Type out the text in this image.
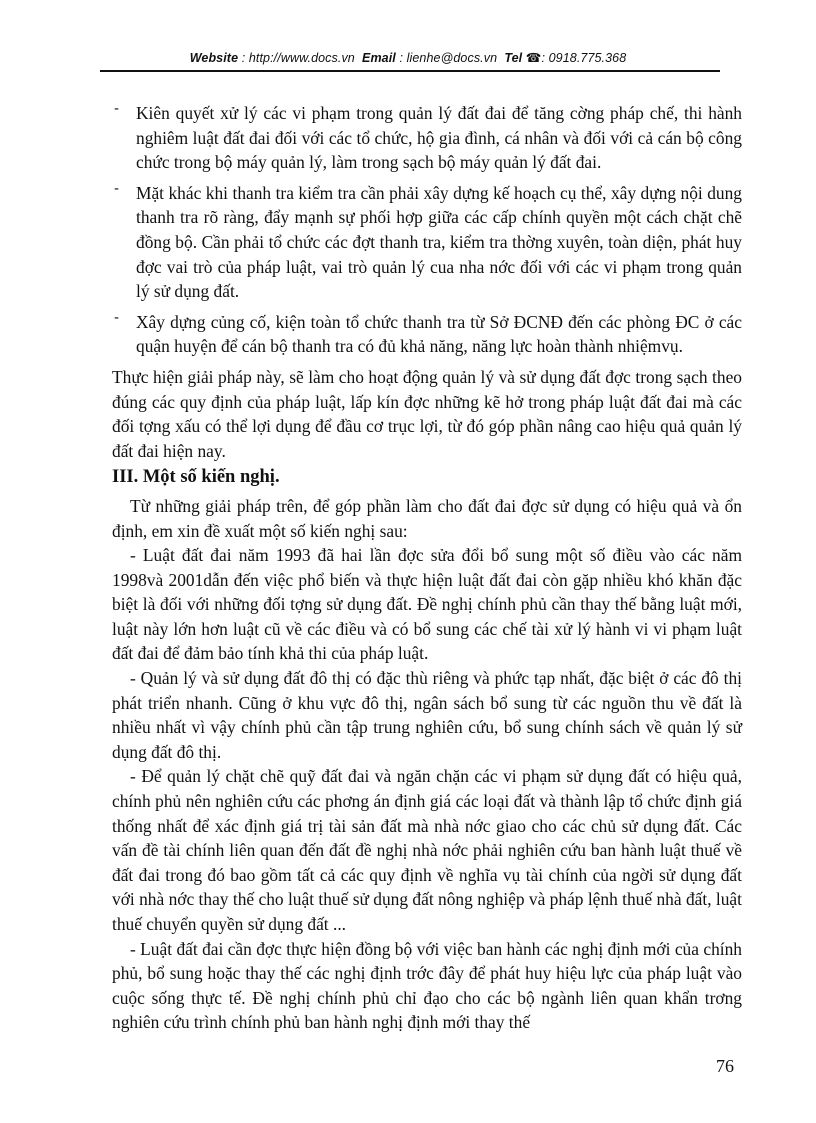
Website : http://www.docs.vn Email : lienhe@docs.vn Tel ☎: 0918.775.368
- Kiên quyết xử lý các vi phạm trong quản lý đất đai để tăng cờng pháp chế, thi hành nghiêm luật đất đai đối với các tổ chức, hộ gia đình, cá nhân và đối với cả cán bộ công chức trong bộ máy quản lý, làm trong sạch bộ máy quản lý đất đai.

- Mặt khác khi thanh tra kiểm tra cần phải xây dựng kế hoạch cụ thể, xây dựng nội dung thanh tra rõ ràng, đẩy mạnh sự phối hợp giữa các cấp chính quyền một cách chặt chẽ đồng bộ. Cần phải tổ chức các đợt thanh tra, kiểm tra thờng xuyên, toàn diện, phát huy đợc vai trò của pháp luật, vai trò quản lý cua nha nớc đối với các vi phạm trong quản lý sử dụng đất.

- Xây dựng củng cố, kiện toàn tổ chức thanh tra từ Sở ĐCNĐ đến các phòng ĐC ở các quận huyện để cán bộ thanh tra có đủ khả năng, năng lực hoàn thành nhiệmvụ.

Thực hiện giải pháp này, sẽ làm cho hoạt động quản lý và sử dụng đất đợc trong sạch theo đúng các quy định của pháp luật, lấp kín đợc những kẽ hở trong pháp luật đất đai mà các đối tợng xấu có thể lợi dụng để đầu cơ trục lợi, từ đó góp phần nâng cao hiệu quả quản lý đất đai hiện nay.

III. Một số kiến nghị.

Từ những giải pháp trên, để góp phần làm cho đất đai đợc sử dụng có hiệu quả và ổn định, em xin đề xuất một số kiến nghị sau:

- Luật đất đai năm 1993 đã hai lần đợc sửa đổi bổ sung một số điều vào các năm 1998và 2001dẫn đến việc phổ biến và thực hiện luật đất đai còn gặp nhiều khó khăn đặc biệt là đối với những đối tợng sử dụng đất. Đề nghị chính phủ cần thay thế bằng luật mới, luật này lớn hơn luật cũ về các điều và có bổ sung các chế tài xử lý hành vi vi phạm luật đất đai để đảm bảo tính khả thi của pháp luật.

- Quản lý và sử dụng đất đô thị có đặc thù riêng và phức tạp nhất, đặc biệt ở các đô thị phát triển nhanh. Cũng ở khu vực đô thị, ngân sách bổ sung từ các nguồn thu về đất là nhiều nhất vì vậy chính phủ cần tập trung nghiên cứu, bổ sung chính sách về quản lý sử dụng đất đô thị.

- Để quản lý chặt chẽ quỹ đất đai và ngăn chặn các vi phạm sử dụng đất có hiệu quả, chính phủ nên nghiên cứu các phơng án định giá các loại đất và thành lập tổ chức định giá thống nhất để xác định giá trị tài sản đất mà nhà nớc giao cho các chủ sử dụng đất. Các vấn đề tài chính liên quan đến đất đề nghị nhà nớc phải nghiên cứu ban hành luật thuế về đất đai trong đó bao gồm tất cả các quy định về nghĩa vụ tài chính của ngời sử dụng đất với nhà nớc thay thế cho luật thuế sử dụng đất nông nghiệp và pháp lệnh thuế nhà đất, luật thuế chuyển quyền sử dụng đất ...

- Luật đất đai cần đợc thực hiện đồng bộ với việc ban hành các nghị định mới của chính phủ, bổ sung hoặc thay thế các nghị định trớc đây để phát huy hiệu lực của pháp luật vào cuộc sống thực tế. Đề nghị chính phủ chỉ đạo cho các bộ ngành liên quan khẩn trơng nghiên cứu trình chính phủ ban hành nghị định mới thay thế

76
